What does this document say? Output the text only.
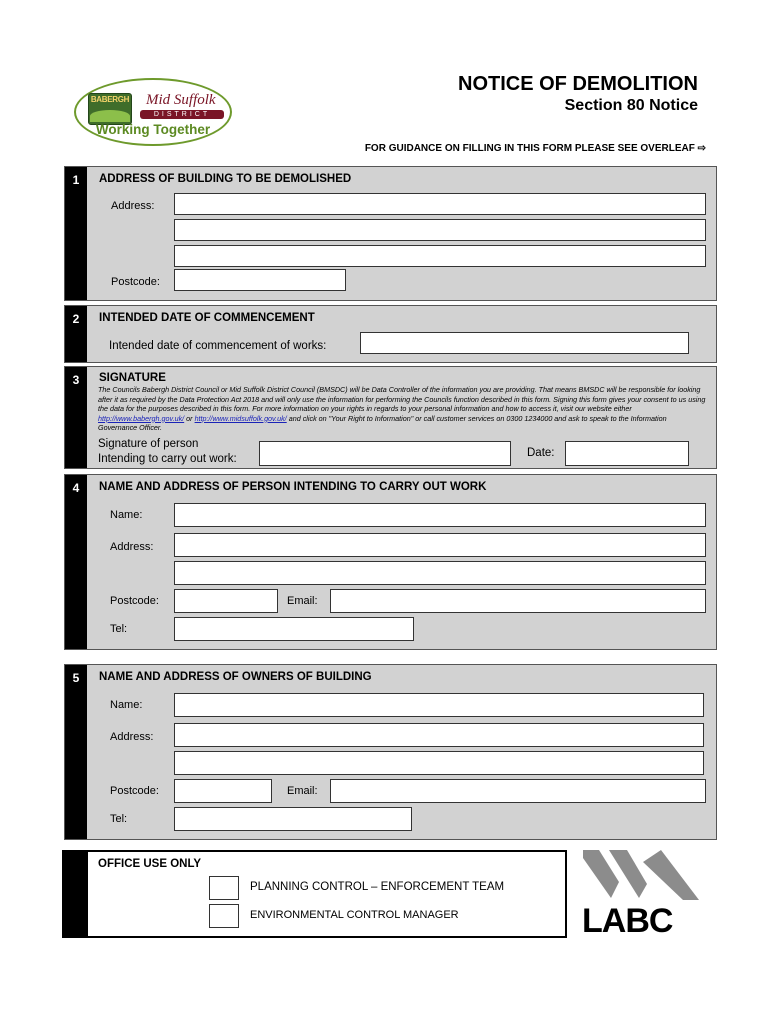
BABERGH Mid Suffolk
DISTRICT
Working Together
NOTICE OF DEMOLITION
Section 80 Notice
FOR GUIDANCE ON FILLING IN THIS FORM PLEASE SEE OVERLEAF ⇨
1	ADDRESS OF BUILDING TO BE DEMOLISHED
Address:
Postcode:
2	INTENDED DATE OF COMMENCEMENT
Intended date of commencement of works:
3	SIGNATURE
The Councils Babergh District Council or Mid Suffolk District Council (BMSDC) will be Data Controller of the information you are providing. That means BMSDC will be responsible for looking after it as required by the Data Protection Act 2018 and will only use the information for performing the Councils function described in this form. Signing this form gives your consent to us using the data for the purposes described in this form. For more information on your rights in regards to your personal information and how to access it, visit our website either http://www.babergh.gov.uk/ or http://www.midsuffolk.gov.uk/ and click on "Your Right to Information" or call customer services on 0300 1234000 and ask to speak to the Information Governance Officer.
Signature of person
Intending to carry out work:	Date:
4	NAME AND ADDRESS OF PERSON INTENDING TO CARRY OUT WORK
Name:
Address:
Postcode:	Email:
Tel:
5	NAME AND ADDRESS OF OWNERS OF BUILDING
Name:
Address:
Postcode:	Email:
Tel:
OFFICE USE ONLY
PLANNING CONTROL – ENFORCEMENT TEAM
ENVIRONMENTAL CONTROL MANAGER	LABC
